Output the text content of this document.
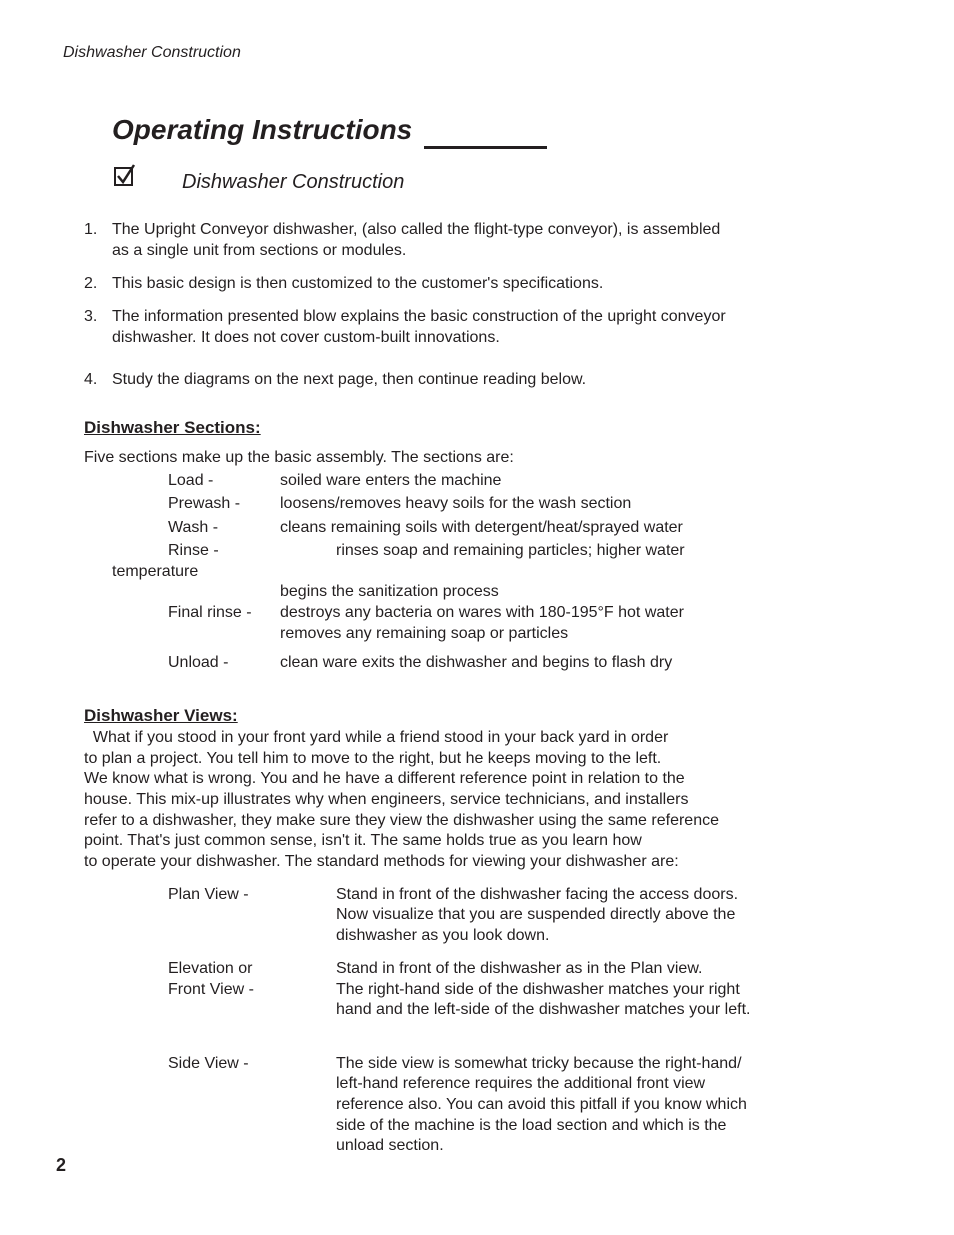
Dishwasher Construction
Operating Instructions
Dishwasher Construction
1. The Upright Conveyor dishwasher, (also called the flight-type conveyor), is assembled
as a single unit from sections or modules.
2. This basic design is then customized to the customer's specifications.
3. The information presented blow explains the basic construction of the upright conveyor
dishwasher. It does not cover custom-built innovations.
4. Study the diagrams on the next page, then continue reading below.
Dishwasher Sections:
Five sections make up the basic assembly. The sections are:
Load -	soiled ware enters the machine
Prewash - loosens/removes heavy soils for the wash section
Wash -	cleans remaining soils with detergent/heat/sprayed water
Rinse -	rinses soap and remaining particles; higher water
temperature
begins the sanitization process
Final rinse - destroys any bacteria on wares with 180-195°F hot water
removes any remaining soap or particles
Unload -	clean ware exits the dishwasher and begins to flash dry
Dishwasher Views:
What if you stood in your front yard while a friend stood in your back yard in order
to plan a project. You tell him to move to the right, but he keeps moving to the left.
We know what is wrong. You and he have a different reference point in relation to the
house. This mix-up illustrates why when engineers, service technicians, and installers
refer to a dishwasher, they make sure they view the dishwasher using the same reference
point. That's just common sense, isn't it. The same holds true as you learn how
to operate your dishwasher. The standard methods for viewing your dishwasher are:
Plan View -	Stand in front of the dishwasher facing the access doors.
Now visualize that you are suspended directly above the
dishwasher as you look down.
Elevation or
Front View -
Stand in front of the dishwasher as in the Plan view.
The right-hand side of the dishwasher matches your right
hand and the left-side of the dishwasher matches your left.
Side View -	The side view is somewhat tricky because the right-hand/
left-hand reference requires the additional front view
reference also. You can avoid this pitfall if you know which
side of the machine is the load section and which is the
unload section.
2
